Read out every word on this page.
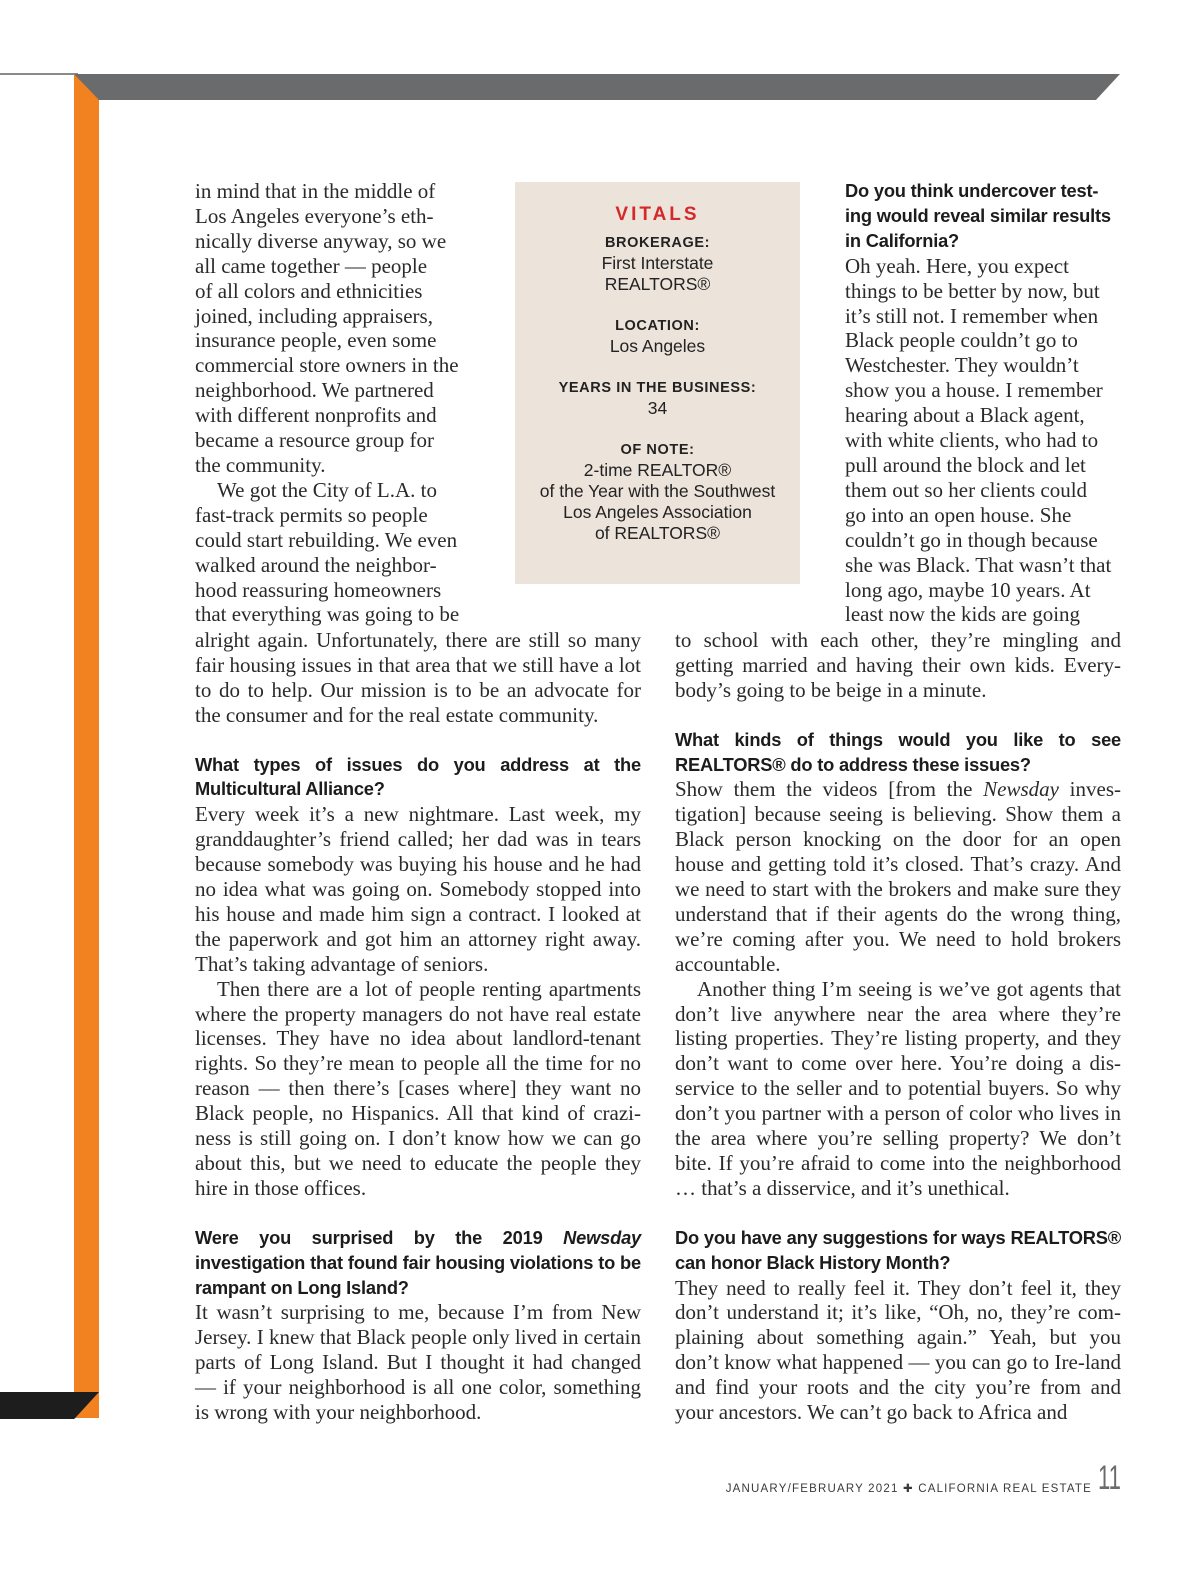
in mind that in the middle of
Los Angeles everyone’s eth-
nically diverse anyway, so we
all came together — people
of all colors and ethnicities
joined, including appraisers,
insurance people, even some
commercial store owners in the
neighborhood. We partnered
with different nonprofits and
became a resource group for
the community.
We got the City of L.A. to
fast-track permits so people
could start rebuilding. We even
walked around the neighbor-
hood reassuring homeowners
that everything was going to be
VITALS
BROKERAGE:
First Interstate
REALTORS®
LOCATION:
Los Angeles
YEARS IN THE BUSINESS:
34
OF NOTE:
2-time REALTOR®
of the Year with the Southwest
Los Angeles Association
of REALTORS®
Do you think undercover test-
ing would reveal similar results
in California?
Oh yeah. Here, you expect
things to be better by now, but
it’s still not. I remember when
Black people couldn’t go to
Westchester. They wouldn’t
show you a house. I remember
hearing about a Black agent,
with white clients, who had to
pull around the block and let
them out so her clients could
go into an open house. She
couldn’t go in though because
she was Black. That wasn’t that
long ago, maybe 10 years. At
least now the kids are going

alright again. Unfortunately, there are still so many fair housing issues in that area that we still have a lot to do to help. Our mission is to be an advocate for the consumer and for the real estate community.

What types of issues do you address at the Multicultural Alliance?

Every week it’s a new nightmare. Last week, my granddaughter’s friend called; her dad was in tears because somebody was buying his house and he had no idea what was going on. Somebody stopped into his house and made him sign a contract. I looked at the paperwork and got him an attorney right away. That’s taking advantage of seniors.

Then there are a lot of people renting apartments where the property managers do not have real estate licenses. They have no idea about landlord-tenant rights. So they’re mean to people all the time for no reason — then there’s [cases where] they want no Black people, no Hispanics. All that kind of crazi-ness is still going on. I don’t know how we can go about this, but we need to educate the people they hire in those offices.

Were you surprised by the 2019 Newsday investigation that found fair housing violations to be rampant on Long Island?

It wasn’t surprising to me, because I’m from New Jersey. I knew that Black people only lived in certain parts of Long Island. But I thought it had changed — if your neighborhood is all one color, something is wrong with your neighborhood.

to school with each other, they’re mingling and getting married and having their own kids. Every-body’s going to be beige in a minute.

What kinds of things would you like to see REALTORS® do to address these issues?

Show them the videos [from the Newsday inves-tigation] because seeing is believing. Show them a Black person knocking on the door for an open house and getting told it’s closed. That’s crazy. And we need to start with the brokers and make sure they understand that if their agents do the wrong thing, we’re coming after you. We need to hold brokers accountable.

Another thing I’m seeing is we’ve got agents that don’t live anywhere near the area where they’re listing properties. They’re listing property, and they don’t want to come over here. You’re doing a dis-service to the seller and to potential buyers. So why don’t you partner with a person of color who lives in the area where you’re selling property? We don’t bite. If you’re afraid to come into the neighborhood … that’s a disservice, and it’s unethical.

Do you have any suggestions for ways REALTORS® can honor Black History Month?

They need to really feel it. They don’t feel it, they don’t understand it; it’s like, “Oh, no, they’re com-plaining about something again.” Yeah, but you don’t know what happened — you can go to Ire-land and find your roots and the city you’re from and your ancestors. We can’t go back to Africa and

JANUARY/FEBRUARY 2021 ✚ CALIFORNIA REAL ESTATE 11
